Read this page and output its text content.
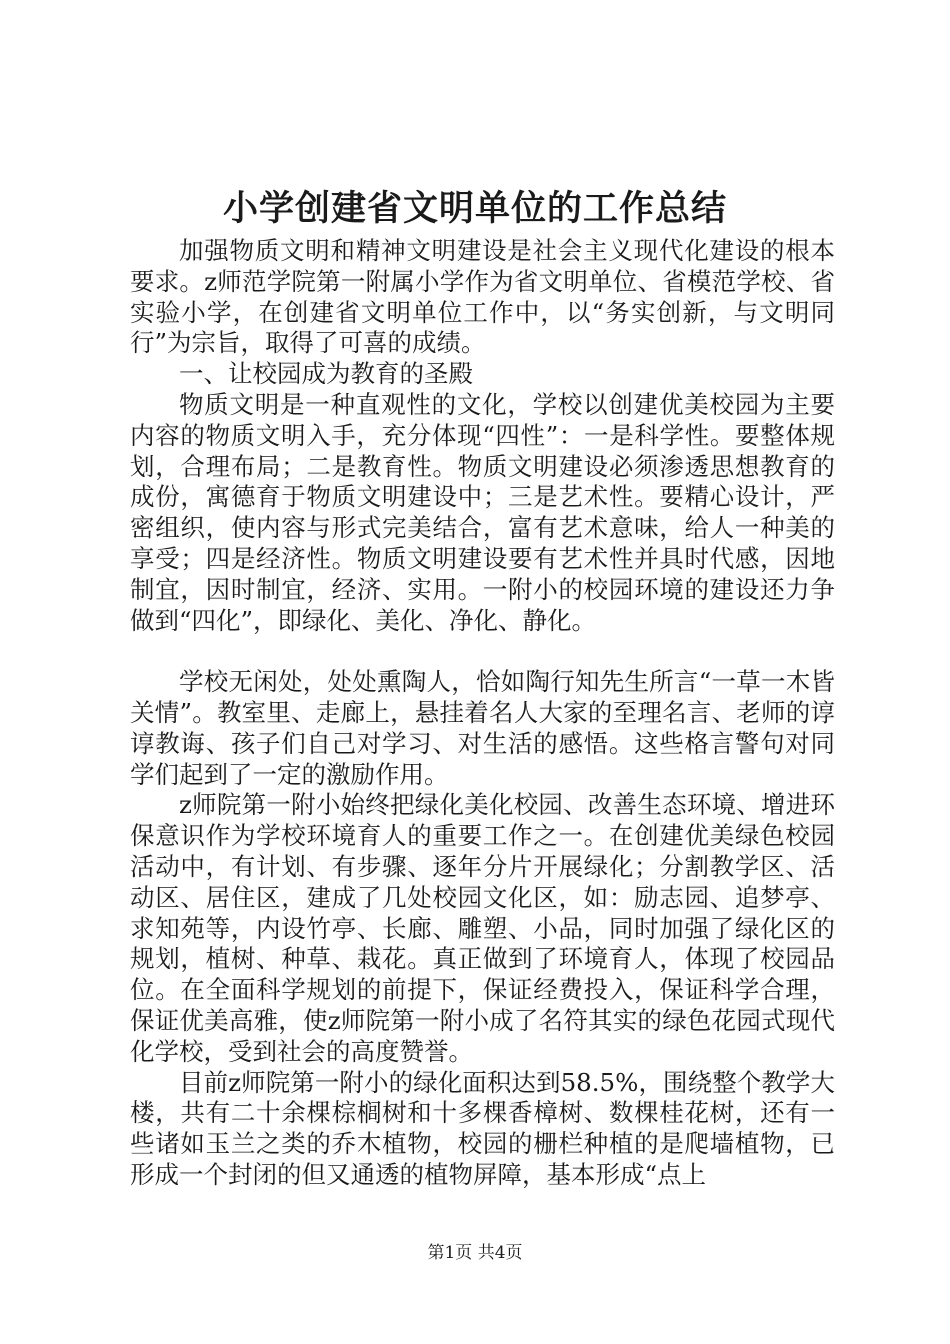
小学创建省文明单位的工作总结

加强物质文明和精神文明建设是社会主义现代化建设的根本要求。z师范学院第一附属小学作为省文明单位、省模范学校、省实验小学，在创建省文明单位工作中，以“务实创新，与文明同行”为宗旨，取得了可喜的成绩。

一、让校园成为教育的圣殿

物质文明是一种直观性的文化，学校以创建优美校园为主要内容的物质文明入手，充分体现“四性”：一是科学性。要整体规划，合理布局；二是教育性。物质文明建设必须渗透思想教育的成份，寓德育于物质文明建设中；三是艺术性。要精心设计，严密组织，使内容与形式完美结合，富有艺术意味，给人一种美的享受；四是经济性。物质文明建设要有艺术性并具时代感，因地制宜，因时制宜，经济、实用。一附小的校园环境的建设还力争做到“四化”，即绿化、美化、净化、静化。

学校无闲处，处处熏陶人，恰如陶行知先生所言“一草一木皆关情”。教室里、走廊上，悬挂着名人大家的至理名言、老师的谆谆教诲、孩子们自己对学习、对生活的感悟。这些格言警句对同学们起到了一定的激励作用。

z师院第一附小始终把绿化美化校园、改善生态环境、增进环保意识作为学校环境育人的重要工作之一。在创建优美绿色校园活动中，有计划、有步骤、逐年分片开展绿化；分割教学区、活动区、居住区，建成了几处校园文化区，如：励志园、追梦亭、求知苑等，内设竹亭、长廊、雕塑、小品，同时加强了绿化区的规划，植树、种草、栽花。真正做到了环境育人，体现了校园品位。在全面科学规划的前提下，保证经费投入，保证科学合理，保证优美高雅，使z师院第一附小成了名符其实的绿色花园式现代化学校，受到社会的高度赞誉。

目前z师院第一附小的绿化面积达到58.5%，围绕整个教学大楼，共有二十余棵棕榈树和十多棵香樟树、数棵桂花树，还有一些诸如玉兰之类的乔木植物，校园的栅栏种植的是爬墙植物，已形成一个封闭的但又通透的植物屏障，基本形成“点上

第1页 共4页
